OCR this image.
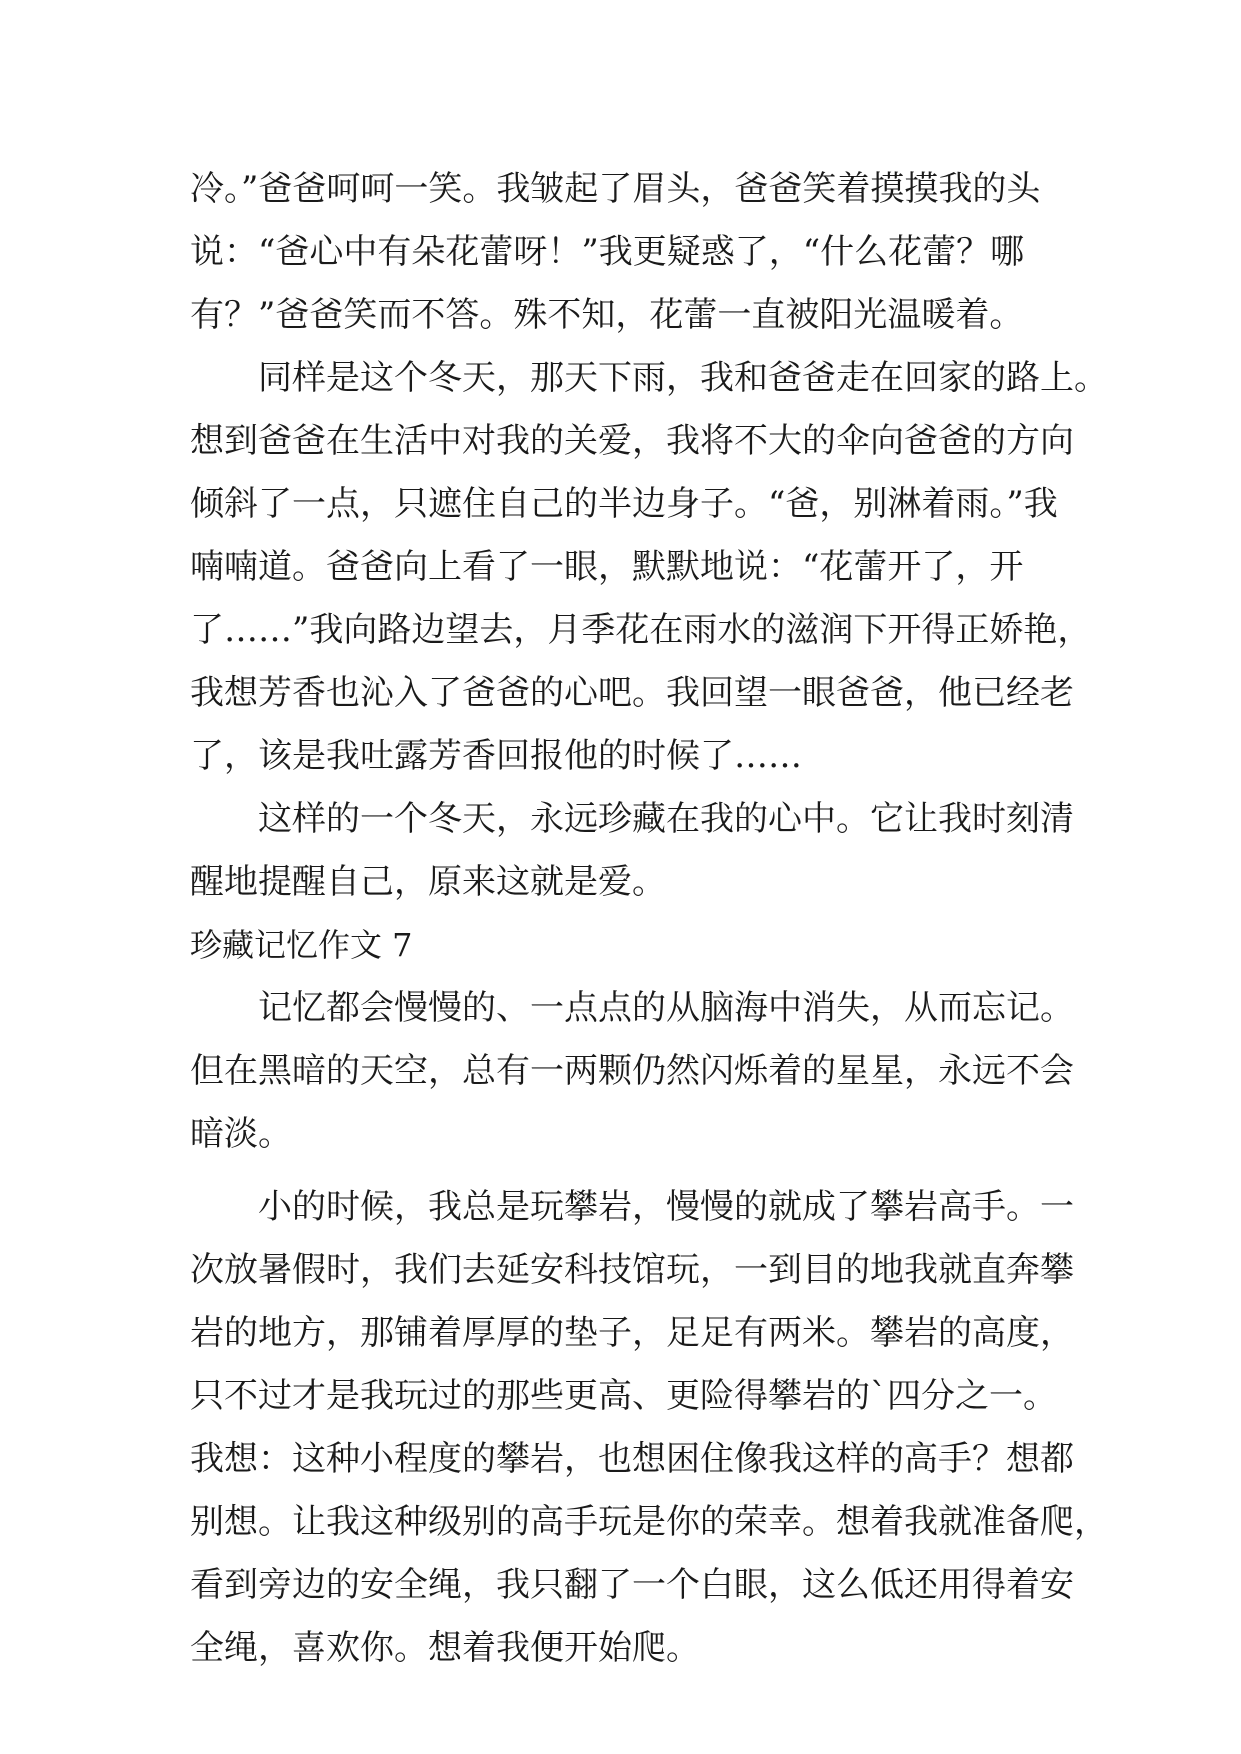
冷。”爸爸呵呵一笑。我皱起了眉头，爸爸笑着摸摸我的头

说：“爸心中有朵花蕾呀！”我更疑惑了，“什么花蕾？哪

有？”爸爸笑而不答。殊不知，花蕾一直被阳光温暖着。

同样是这个冬天，那天下雨，我和爸爸走在回家的路上。

想到爸爸在生活中对我的关爱，我将不大的伞向爸爸的方向

倾斜了一点，只遮住自己的半边身子。“爸，别淋着雨。”我

喃喃道。爸爸向上看了一眼，默默地说：“花蕾开了，开

了……”我向路边望去，月季花在雨水的滋润下开得正娇艳，

我想芳香也沁入了爸爸的心吧。我回望一眼爸爸，他已经老

了，该是我吐露芳香回报他的时候了……

这样的一个冬天，永远珍藏在我的心中。它让我时刻清

醒地提醒自己，原来这就是爱。

珍藏记忆作文 7

记忆都会慢慢的、一点点的从脑海中消失，从而忘记。

但在黑暗的天空，总有一两颗仍然闪烁着的星星，永远不会

暗淡。

小的时候，我总是玩攀岩，慢慢的就成了攀岩高手。一

次放暑假时，我们去延安科技馆玩，一到目的地我就直奔攀

岩的地方，那铺着厚厚的垫子，足足有两米。攀岩的高度，

只不过才是我玩过的那些更高、更险得攀岩的`四分之一。

我想：这种小程度的攀岩，也想困住像我这样的高手？想都

别想。让我这种级别的高手玩是你的荣幸。想着我就准备爬，

看到旁边的安全绳，我只翻了一个白眼，这么低还用得着安

全绳，喜欢你。想着我便开始爬。
